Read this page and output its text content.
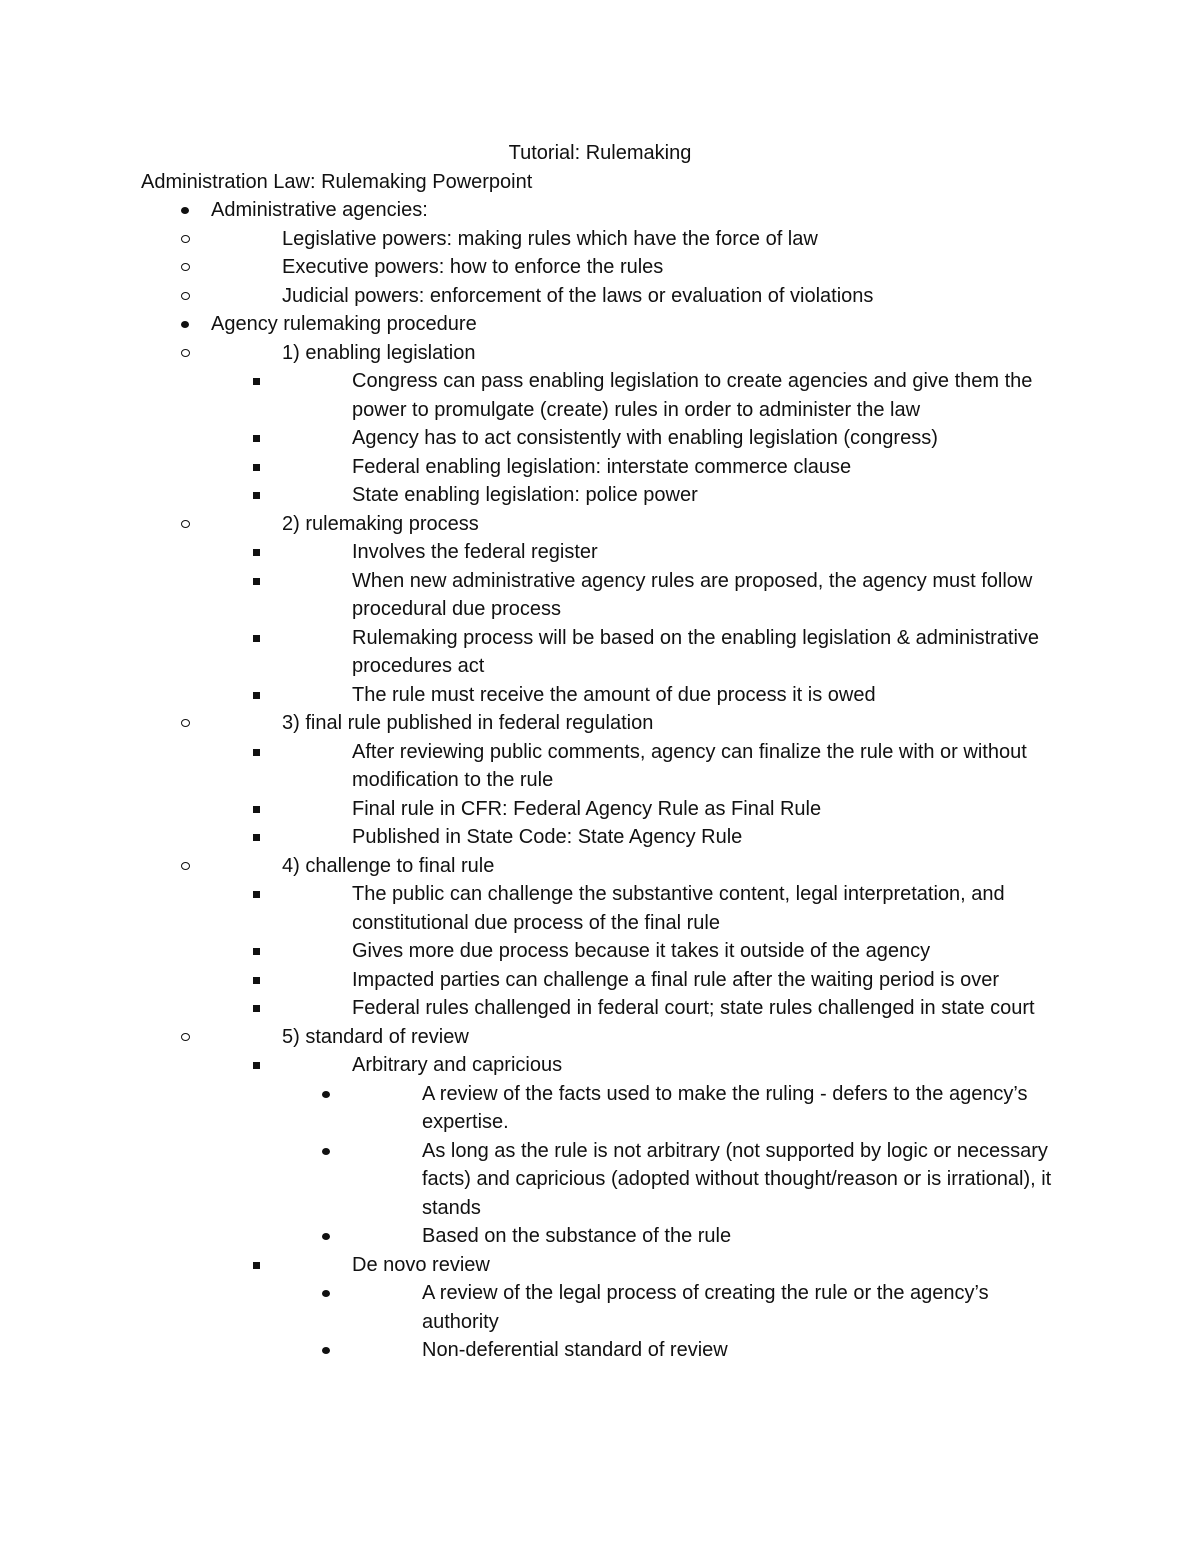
Tutorial: Rulemaking
Administration Law: Rulemaking Powerpoint
Administrative agencies:
Legislative powers: making rules which have the force of law
Executive powers: how to enforce the rules
Judicial powers: enforcement of the laws or evaluation of violations
Agency rulemaking procedure
1) enabling legislation
Congress can pass enabling legislation to create agencies and give them the power to promulgate (create) rules in order to administer the law
Agency has to act consistently with enabling legislation (congress)
Federal enabling legislation: interstate commerce clause
State enabling legislation: police power
2) rulemaking process
Involves the federal register
When new administrative agency rules are proposed, the agency must follow procedural due process
Rulemaking process will be based on the enabling legislation & administrative procedures act
The rule must receive the amount of due process it is owed
3) final rule published in federal regulation
After reviewing public comments, agency can finalize the rule with or without modification to the rule
Final rule in CFR: Federal Agency Rule as Final Rule
Published in State Code: State Agency Rule
4) challenge to final rule
The public can challenge the substantive content, legal interpretation, and constitutional due process of the final rule
Gives more due process because it takes it outside of the agency
Impacted parties can challenge a final rule after the waiting period is over
Federal rules challenged in federal court; state rules challenged in state court
5) standard of review
Arbitrary and capricious
A review of the facts used to make the ruling - defers to the agency’s expertise.
As long as the rule is not arbitrary (not supported by logic or necessary facts) and capricious (adopted without thought/reason or is irrational), it stands
Based on the substance of the rule
De novo review
A review of the legal process of creating the rule or the agency’s authority
Non-deferential standard of review
